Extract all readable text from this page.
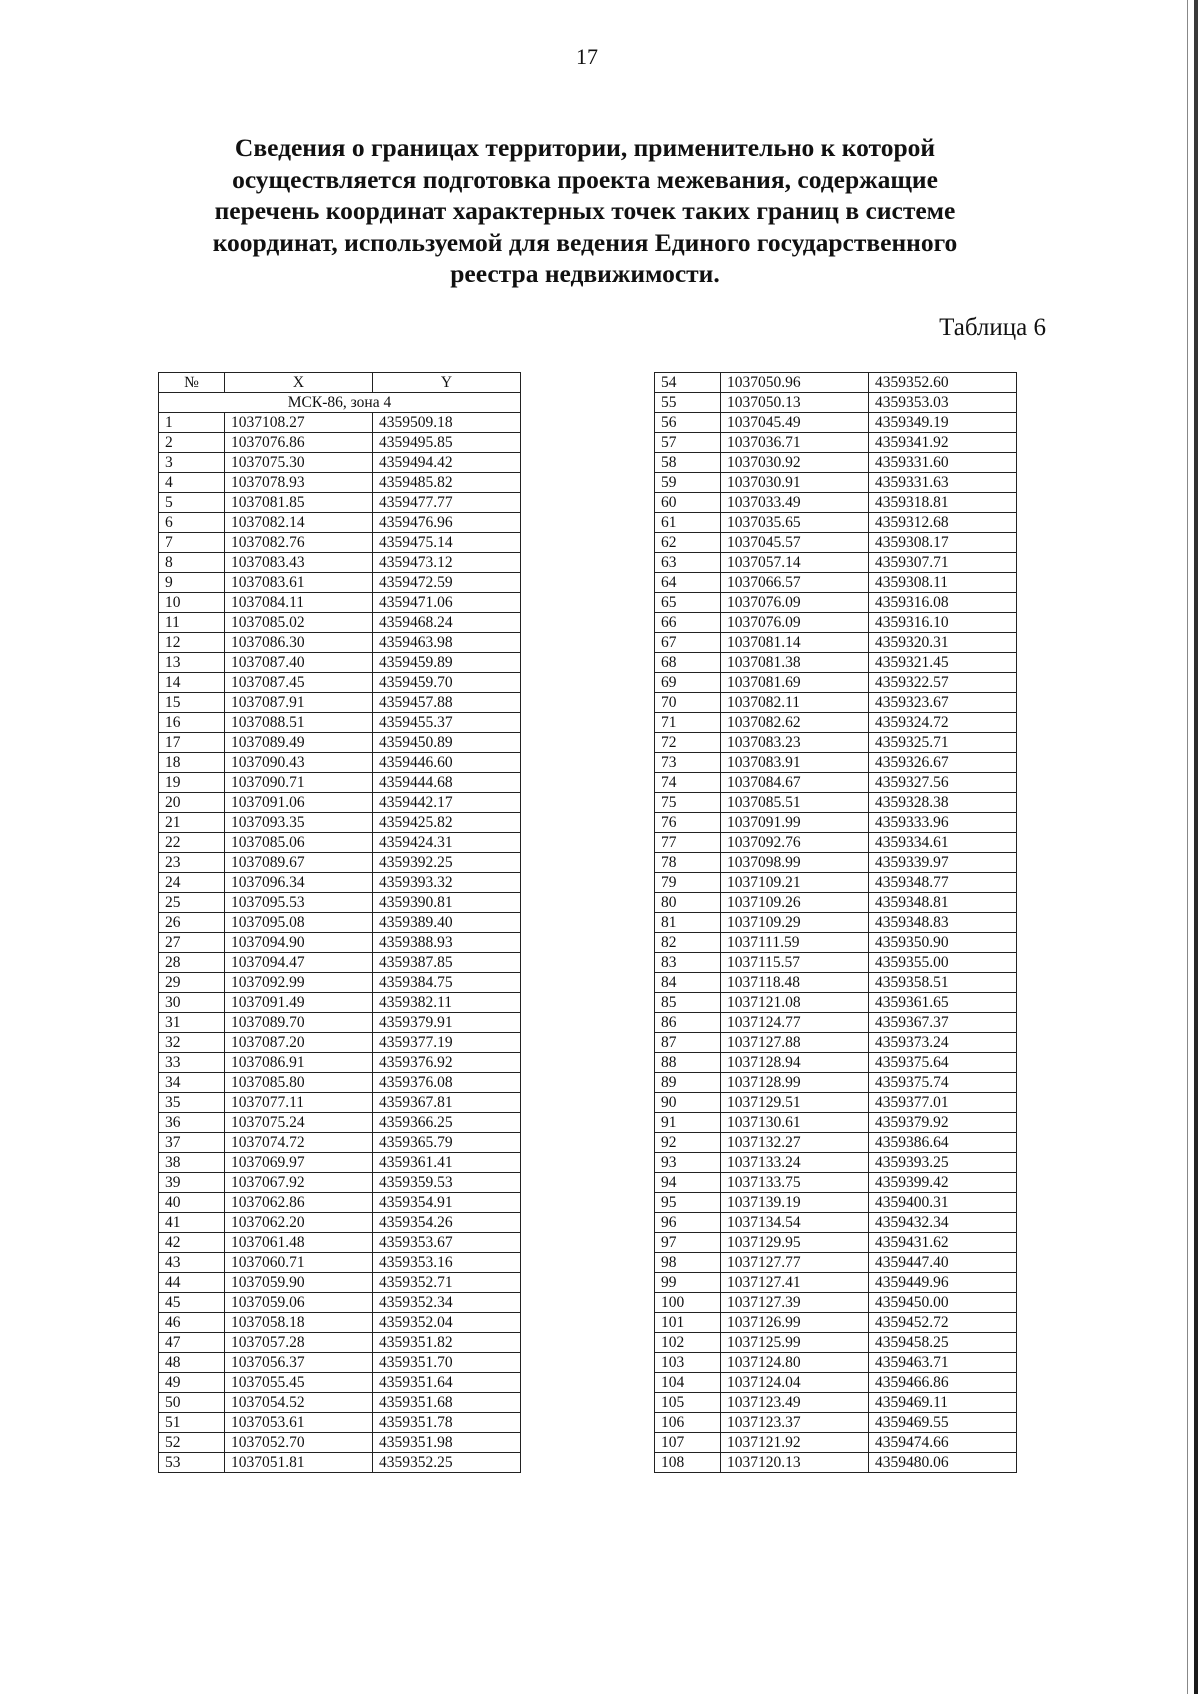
17
Сведения о границах территории, применительно к которой
осуществляется подготовка проекта межевания, содержащие
перечень координат характерных точек таких границ в системе
координат, используемой для ведения Единого государственного
реестра недвижимости.
Таблица 6
№	X	Y
МСК-86, зона 4		
1	1037108.27	4359509.18
2	1037076.86	4359495.85
3	1037075.30	4359494.42
4	1037078.93	4359485.82
5	1037081.85	4359477.77
6	1037082.14	4359476.96
7	1037082.76	4359475.14
8	1037083.43	4359473.12
9	1037083.61	4359472.59
10	1037084.11	4359471.06
11	1037085.02	4359468.24
12	1037086.30	4359463.98
13	1037087.40	4359459.89
14	1037087.45	4359459.70
15	1037087.91	4359457.88
16	1037088.51	4359455.37
17	1037089.49	4359450.89
18	1037090.43	4359446.60
19	1037090.71	4359444.68
20	1037091.06	4359442.17
21	1037093.35	4359425.82
22	1037085.06	4359424.31
23	1037089.67	4359392.25
24	1037096.34	4359393.32
25	1037095.53	4359390.81
26	1037095.08	4359389.40
27	1037094.90	4359388.93
28	1037094.47	4359387.85
29	1037092.99	4359384.75
30	1037091.49	4359382.11
31	1037089.70	4359379.91
32	1037087.20	4359377.19
33	1037086.91	4359376.92
34	1037085.80	4359376.08
35	1037077.11	4359367.81
36	1037075.24	4359366.25
37	1037074.72	4359365.79
38	1037069.97	4359361.41
39	1037067.92	4359359.53
40	1037062.86	4359354.91
41	1037062.20	4359354.26
42	1037061.48	4359353.67
43	1037060.71	4359353.16
44	1037059.90	4359352.71
45	1037059.06	4359352.34
46	1037058.18	4359352.04
47	1037057.28	4359351.82
48	1037056.37	4359351.70
49	1037055.45	4359351.64
50	1037054.52	4359351.68
51	1037053.61	4359351.78
52	1037052.70	4359351.98
53	1037051.81	4359352.25
54	1037050.96	4359352.60
55	1037050.13	4359353.03
56	1037045.49	4359349.19
57	1037036.71	4359341.92
58	1037030.92	4359331.60
59	1037030.91	4359331.63
60	1037033.49	4359318.81
61	1037035.65	4359312.68
62	1037045.57	4359308.17
63	1037057.14	4359307.71
64	1037066.57	4359308.11
65	1037076.09	4359316.08
66	1037076.09	4359316.10
67	1037081.14	4359320.31
68	1037081.38	4359321.45
69	1037081.69	4359322.57
70	1037082.11	4359323.67
71	1037082.62	4359324.72
72	1037083.23	4359325.71
73	1037083.91	4359326.67
74	1037084.67	4359327.56
75	1037085.51	4359328.38
76	1037091.99	4359333.96
77	1037092.76	4359334.61
78	1037098.99	4359339.97
79	1037109.21	4359348.77
80	1037109.26	4359348.81
81	1037109.29	4359348.83
82	1037111.59	4359350.90
83	1037115.57	4359355.00
84	1037118.48	4359358.51
85	1037121.08	4359361.65
86	1037124.77	4359367.37
87	1037127.88	4359373.24
88	1037128.94	4359375.64
89	1037128.99	4359375.74
90	1037129.51	4359377.01
91	1037130.61	4359379.92
92	1037132.27	4359386.64
93	1037133.24	4359393.25
94	1037133.75	4359399.42
95	1037139.19	4359400.31
96	1037134.54	4359432.34
97	1037129.95	4359431.62
98	1037127.77	4359447.40
99	1037127.41	4359449.96
100	1037127.39	4359450.00
101	1037126.99	4359452.72
102	1037125.99	4359458.25
103	1037124.80	4359463.71
104	1037124.04	4359466.86
105	1037123.49	4359469.11
106	1037123.37	4359469.55
107	1037121.92	4359474.66
108	1037120.13	4359480.06
